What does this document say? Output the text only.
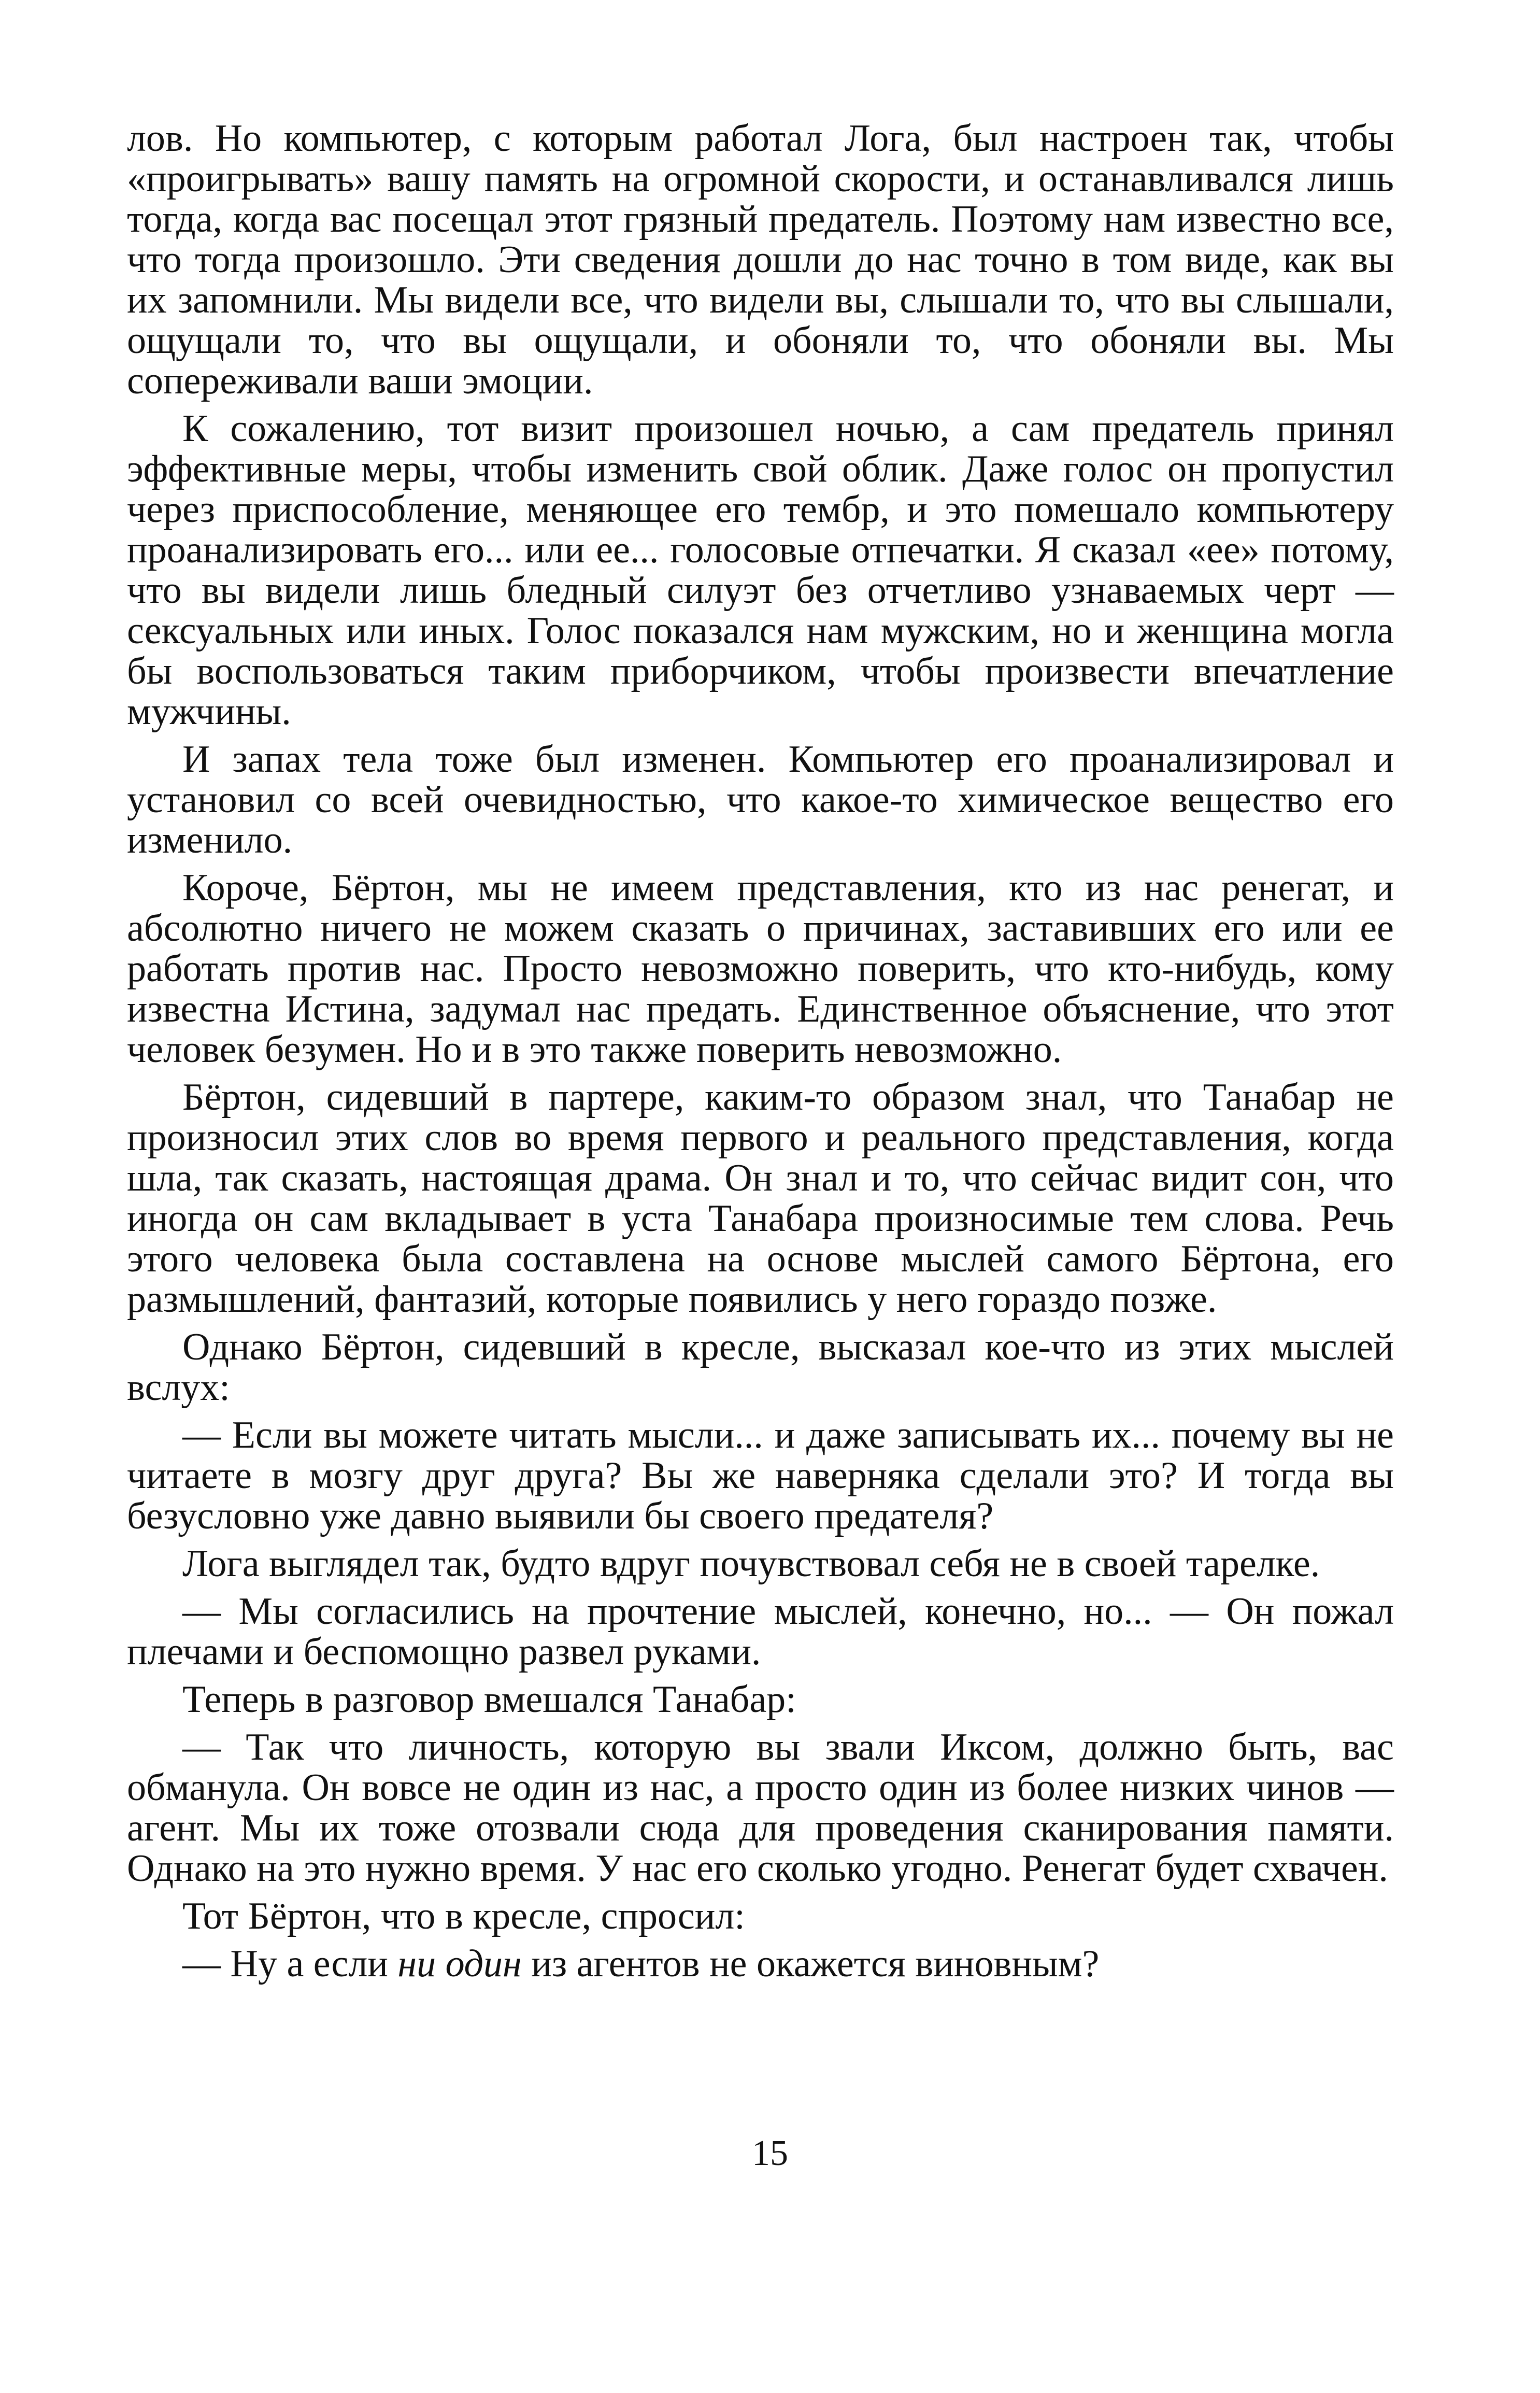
лов. Но компьютер, с которым работал Лога, был настроен так, чтобы «проигрывать» вашу память на огромной скорости, и останавливался лишь тогда, когда вас посещал этот грязный предатель. Поэтому нам известно все, что тогда произошло. Эти сведения дошли до нас точно в том виде, как вы их запомнили. Мы видели все, что видели вы, слышали то, что вы слышали, ощущали то, что вы ощущали, и обоняли то, что обоняли вы. Мы сопереживали ваши эмоции.

К сожалению, тот визит произошел ночью, а сам предатель принял эффективные меры, чтобы изменить свой облик. Даже голос он пропустил через приспособление, меняющее его тембр, и это помешало компьютеру проанализировать его... или ее... голосовые отпечатки. Я сказал «ее» потому, что вы видели лишь бледный силуэт без отчетливо узнаваемых черт — сексуальных или иных. Голос показался нам мужским, но и женщина могла бы воспользоваться таким приборчиком, чтобы произвести впечатление мужчины.

И запах тела тоже был изменен. Компьютер его проанализировал и установил со всей очевидностью, что какое-то химическое вещество его изменило.

Короче, Бёртон, мы не имеем представления, кто из нас ренегат, и абсолютно ничего не можем сказать о причинах, заставивших его или ее работать против нас. Просто невозможно поверить, что кто-нибудь, кому известна Истина, задумал нас предать. Единственное объяснение, что этот человек безумен. Но и в это также поверить невозможно.

Бёртон, сидевший в партере, каким-то образом знал, что Танабар не произносил этих слов во время первого и реального представления, когда шла, так сказать, настоящая драма. Он знал и то, что сейчас видит сон, что иногда он сам вкладывает в уста Танабара произносимые тем слова. Речь этого человека была составлена на основе мыслей самого Бёртона, его размышлений, фантазий, которые появились у него гораздо позже.

Однако Бёртон, сидевший в кресле, высказал кое-что из этих мыслей вслух:

— Если вы можете читать мысли... и даже записывать их... почему вы не читаете в мозгу друг друга? Вы же наверняка сделали это? И тогда вы безусловно уже давно выявили бы своего предателя?

Лога выглядел так, будто вдруг почувствовал себя не в своей тарелке.

— Мы согласились на прочтение мыслей, конечно, но... — Он пожал плечами и беспомощно развел руками.

Теперь в разговор вмешался Танабар:

— Так что личность, которую вы звали Иксом, должно быть, вас обманула. Он вовсе не один из нас, а просто один из более низких чинов — агент. Мы их тоже отозвали сюда для проведения сканирования памяти. Однако на это нужно время. У нас его сколько угодно. Ренегат будет схвачен.

Тот Бёртон, что в кресле, спросил:

— Ну а если ни один из агентов не окажется виновным?

15
